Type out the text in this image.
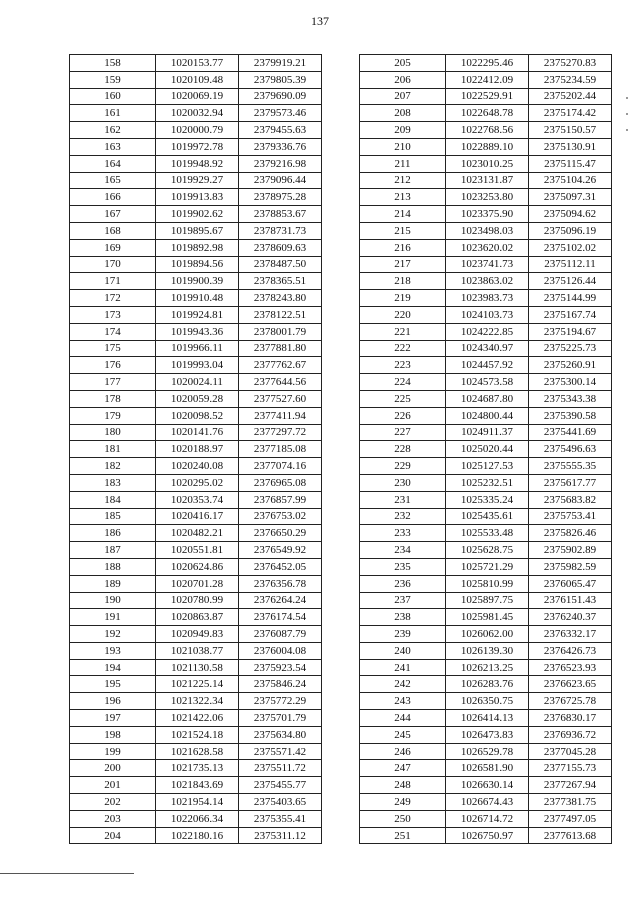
137
158	1020153.77	2379919.21
159	1020109.48	2379805.39
160	1020069.19	2379690.09
161	1020032.94	2379573.46
162	1020000.79	2379455.63
163	1019972.78	2379336.76
164	1019948.92	2379216.98
165	1019929.27	2379096.44
166	1019913.83	2378975.28
167	1019902.62	2378853.67
168	1019895.67	2378731.73
169	1019892.98	2378609.63
170	1019894.56	2378487.50
171	1019900.39	2378365.51
172	1019910.48	2378243.80
173	1019924.81	2378122.51
174	1019943.36	2378001.79
175	1019966.11	2377881.80
176	1019993.04	2377762.67
177	1020024.11	2377644.56
178	1020059.28	2377527.60
179	1020098.52	2377411.94
180	1020141.76	2377297.72
181	1020188.97	2377185.08
182	1020240.08	2377074.16
183	1020295.02	2376965.08
184	1020353.74	2376857.99
185	1020416.17	2376753.02
186	1020482.21	2376650.29
187	1020551.81	2376549.92
188	1020624.86	2376452.05
189	1020701.28	2376356.78
190	1020780.99	2376264.24
191	1020863.87	2376174.54
192	1020949.83	2376087.79
193	1021038.77	2376004.08
194	1021130.58	2375923.54
195	1021225.14	2375846.24
196	1021322.34	2375772.29
197	1021422.06	2375701.79
198	1021524.18	2375634.80
199	1021628.58	2375571.42
200	1021735.13	2375511.72
201	1021843.69	2375455.77
202	1021954.14	2375403.65
203	1022066.34	2375355.41
204	1022180.16	2375311.12
205	1022295.46	2375270.83
206	1022412.09	2375234.59
207	1022529.91	2375202.44
208	1022648.78	2375174.42
209	1022768.56	2375150.57
210	1022889.10	2375130.91
211	1023010.25	2375115.47
212	1023131.87	2375104.26
213	1023253.80	2375097.31
214	1023375.90	2375094.62
215	1023498.03	2375096.19
216	1023620.02	2375102.02
217	1023741.73	2375112.11
218	1023863.02	2375126.44
219	1023983.73	2375144.99
220	1024103.73	2375167.74
221	1024222.85	2375194.67
222	1024340.97	2375225.73
223	1024457.92	2375260.91
224	1024573.58	2375300.14
225	1024687.80	2375343.38
226	1024800.44	2375390.58
227	1024911.37	2375441.69
228	1025020.44	2375496.63
229	1025127.53	2375555.35
230	1025232.51	2375617.77
231	1025335.24	2375683.82
232	1025435.61	2375753.41
233	1025533.48	2375826.46
234	1025628.75	2375902.89
235	1025721.29	2375982.59
236	1025810.99	2376065.47
237	1025897.75	2376151.43
238	1025981.45	2376240.37
239	1026062.00	2376332.17
240	1026139.30	2376426.73
241	1026213.25	2376523.93
242	1026283.76	2376623.65
243	1026350.75	2376725.78
244	1026414.13	2376830.17
245	1026473.83	2376936.72
246	1026529.78	2377045.28
247	1026581.90	2377155.73
248	1026630.14	2377267.94
249	1026674.43	2377381.75
250	1026714.72	2377497.05
251	1026750.97	2377613.68
